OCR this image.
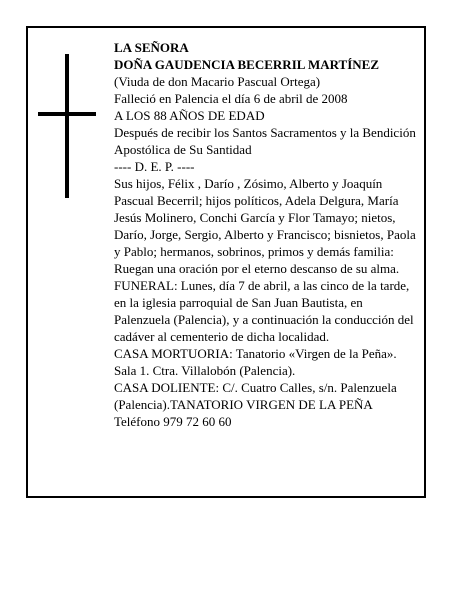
LA SEÑORA

DOÑA GAUDENCIA BECERRIL MARTÍNEZ

(Viuda de don Macario Pascual Ortega)

Falleció en Palencia el día 6 de abril de 2008

A LOS 88 AÑOS DE EDAD

Después de recibir los Santos Sacramentos y la Bendición Apostólica de Su Santidad

---- D. E. P. ----

Sus hijos, Félix , Darío , Zósimo, Alberto y Joaquín Pascual Becerril; hijos políticos, Adela Delgura, María Jesús Molinero, Conchi García y Flor Tamayo; nietos, Darío, Jorge, Sergio, Alberto y Francisco; bisnietos, Paola y Pablo; hermanos, sobrinos, primos y demás familia:

Ruegan una oración por el eterno descanso de su alma.

FUNERAL: Lunes, día 7 de abril, a las cinco de la tarde, en la iglesia parroquial de San Juan Bautista, en Palenzuela (Palencia), y a continuación la conducción del cadáver al cementerio de dicha localidad.

CASA MORTUORIA: Tanatorio «Virgen de la Peña». Sala 1. Ctra. Villalobón (Palencia).

CASA DOLIENTE: C/. Cuatro Calles, s/n. Palenzuela (Palencia).TANATORIO VIRGEN DE LA PEÑA

Teléfono 979 72 60 60
